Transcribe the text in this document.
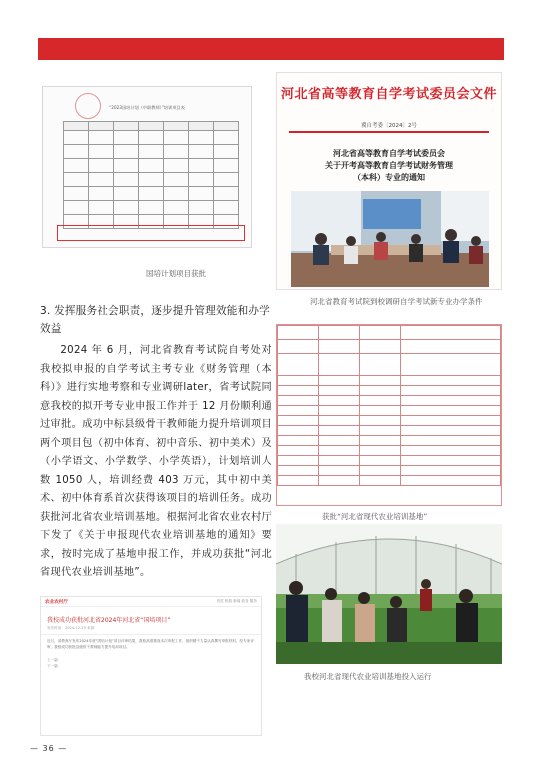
“2023国培计划（中职教师）”培训项目表

国培计划项目获批
河北省高等教育自学考试委员会文件
冀自考委〔2024〕2号
河北省高等教育自学考试委员会
关于开考高等教育自学考试财务管理
（本科）专业的通知
河北省教育考试院到校调研自学考试新专业办学条件

获批“河北省现代农业培训基地”
我校河北省现代农业培训基地投入运行
3. 发挥服务社会职责，逐步提升管理效能和办学效益
2024 年 6 月，河北省教育考试院自考处对我校拟申报的自学考试主考专业《财务管理（本科）》进行实地考察和专业调研later，省考试院同意我校的拟开考专业申报工作并于 12 月份顺利通过审批。成功中标县级骨干教师能力提升培训项目两个项目包（初中体育、初中音乐、初中美术）及（小学语文、小学数学、小学英语），计划培训人数 1050 人，培训经费 403 万元，其中初中美术、初中体育系首次获得该项目的培训任务。成功获批河北省农业培训基地。根据河北省农业农村厅下发了《关于申报现代农业培训基地的通知》要求，按时完成了基地申报工作，并成功获批“河北省现代农业培训基地”。
农业农村厅	首页 机构 新闻 政务 服务
我校成功获批河北省2024年河北省“国培项目”
发布时间：2024-12-19 来源：
近日，省教育厅发布2024年度“国培计划”项目评审结果，我校高度重视本次申报工作，组织精干力量认真撰写申报材料，经专家评审，我校成功获批县级骨干教师能力提升培训项目。
上一篇：
下一篇：
— 36 —
